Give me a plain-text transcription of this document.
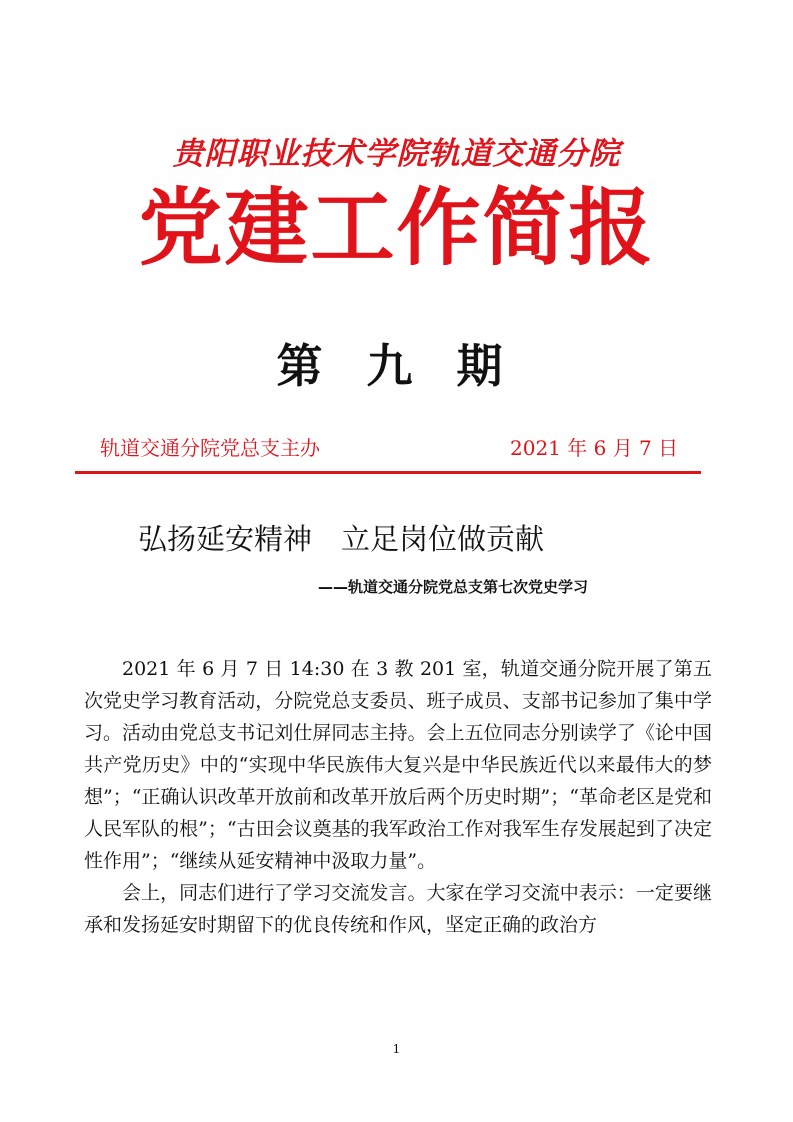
贵阳职业技术学院轨道交通分院
党建工作简报
第 九 期
轨道交通分院党总支主办	2021 年 6 月 7 日
弘扬延安精神　立足岗位做贡献
——轨道交通分院党总支第七次党史学习

2021 年 6 月 7 日 14:30 在 3 教 201 室，轨道交通分院开展了第五次党史学习教育活动，分院党总支委员、班子成员、支部书记参加了集中学习。活动由党总支书记刘仕屏同志主持。会上五位同志分别读学了《论中国共产党历史》中的“实现中华民族伟大复兴是中华民族近代以来最伟大的梦想”；“正确认识改革开放前和改革开放后两个历史时期”；“革命老区是党和人民军队的根”；“古田会议奠基的我军政治工作对我军生存发展起到了决定性作用”；“继续从延安精神中汲取力量”。

会上，同志们进行了学习交流发言。大家在学习交流中表示：一定要继承和发扬延安时期留下的优良传统和作风，坚定正确的政治方

1
